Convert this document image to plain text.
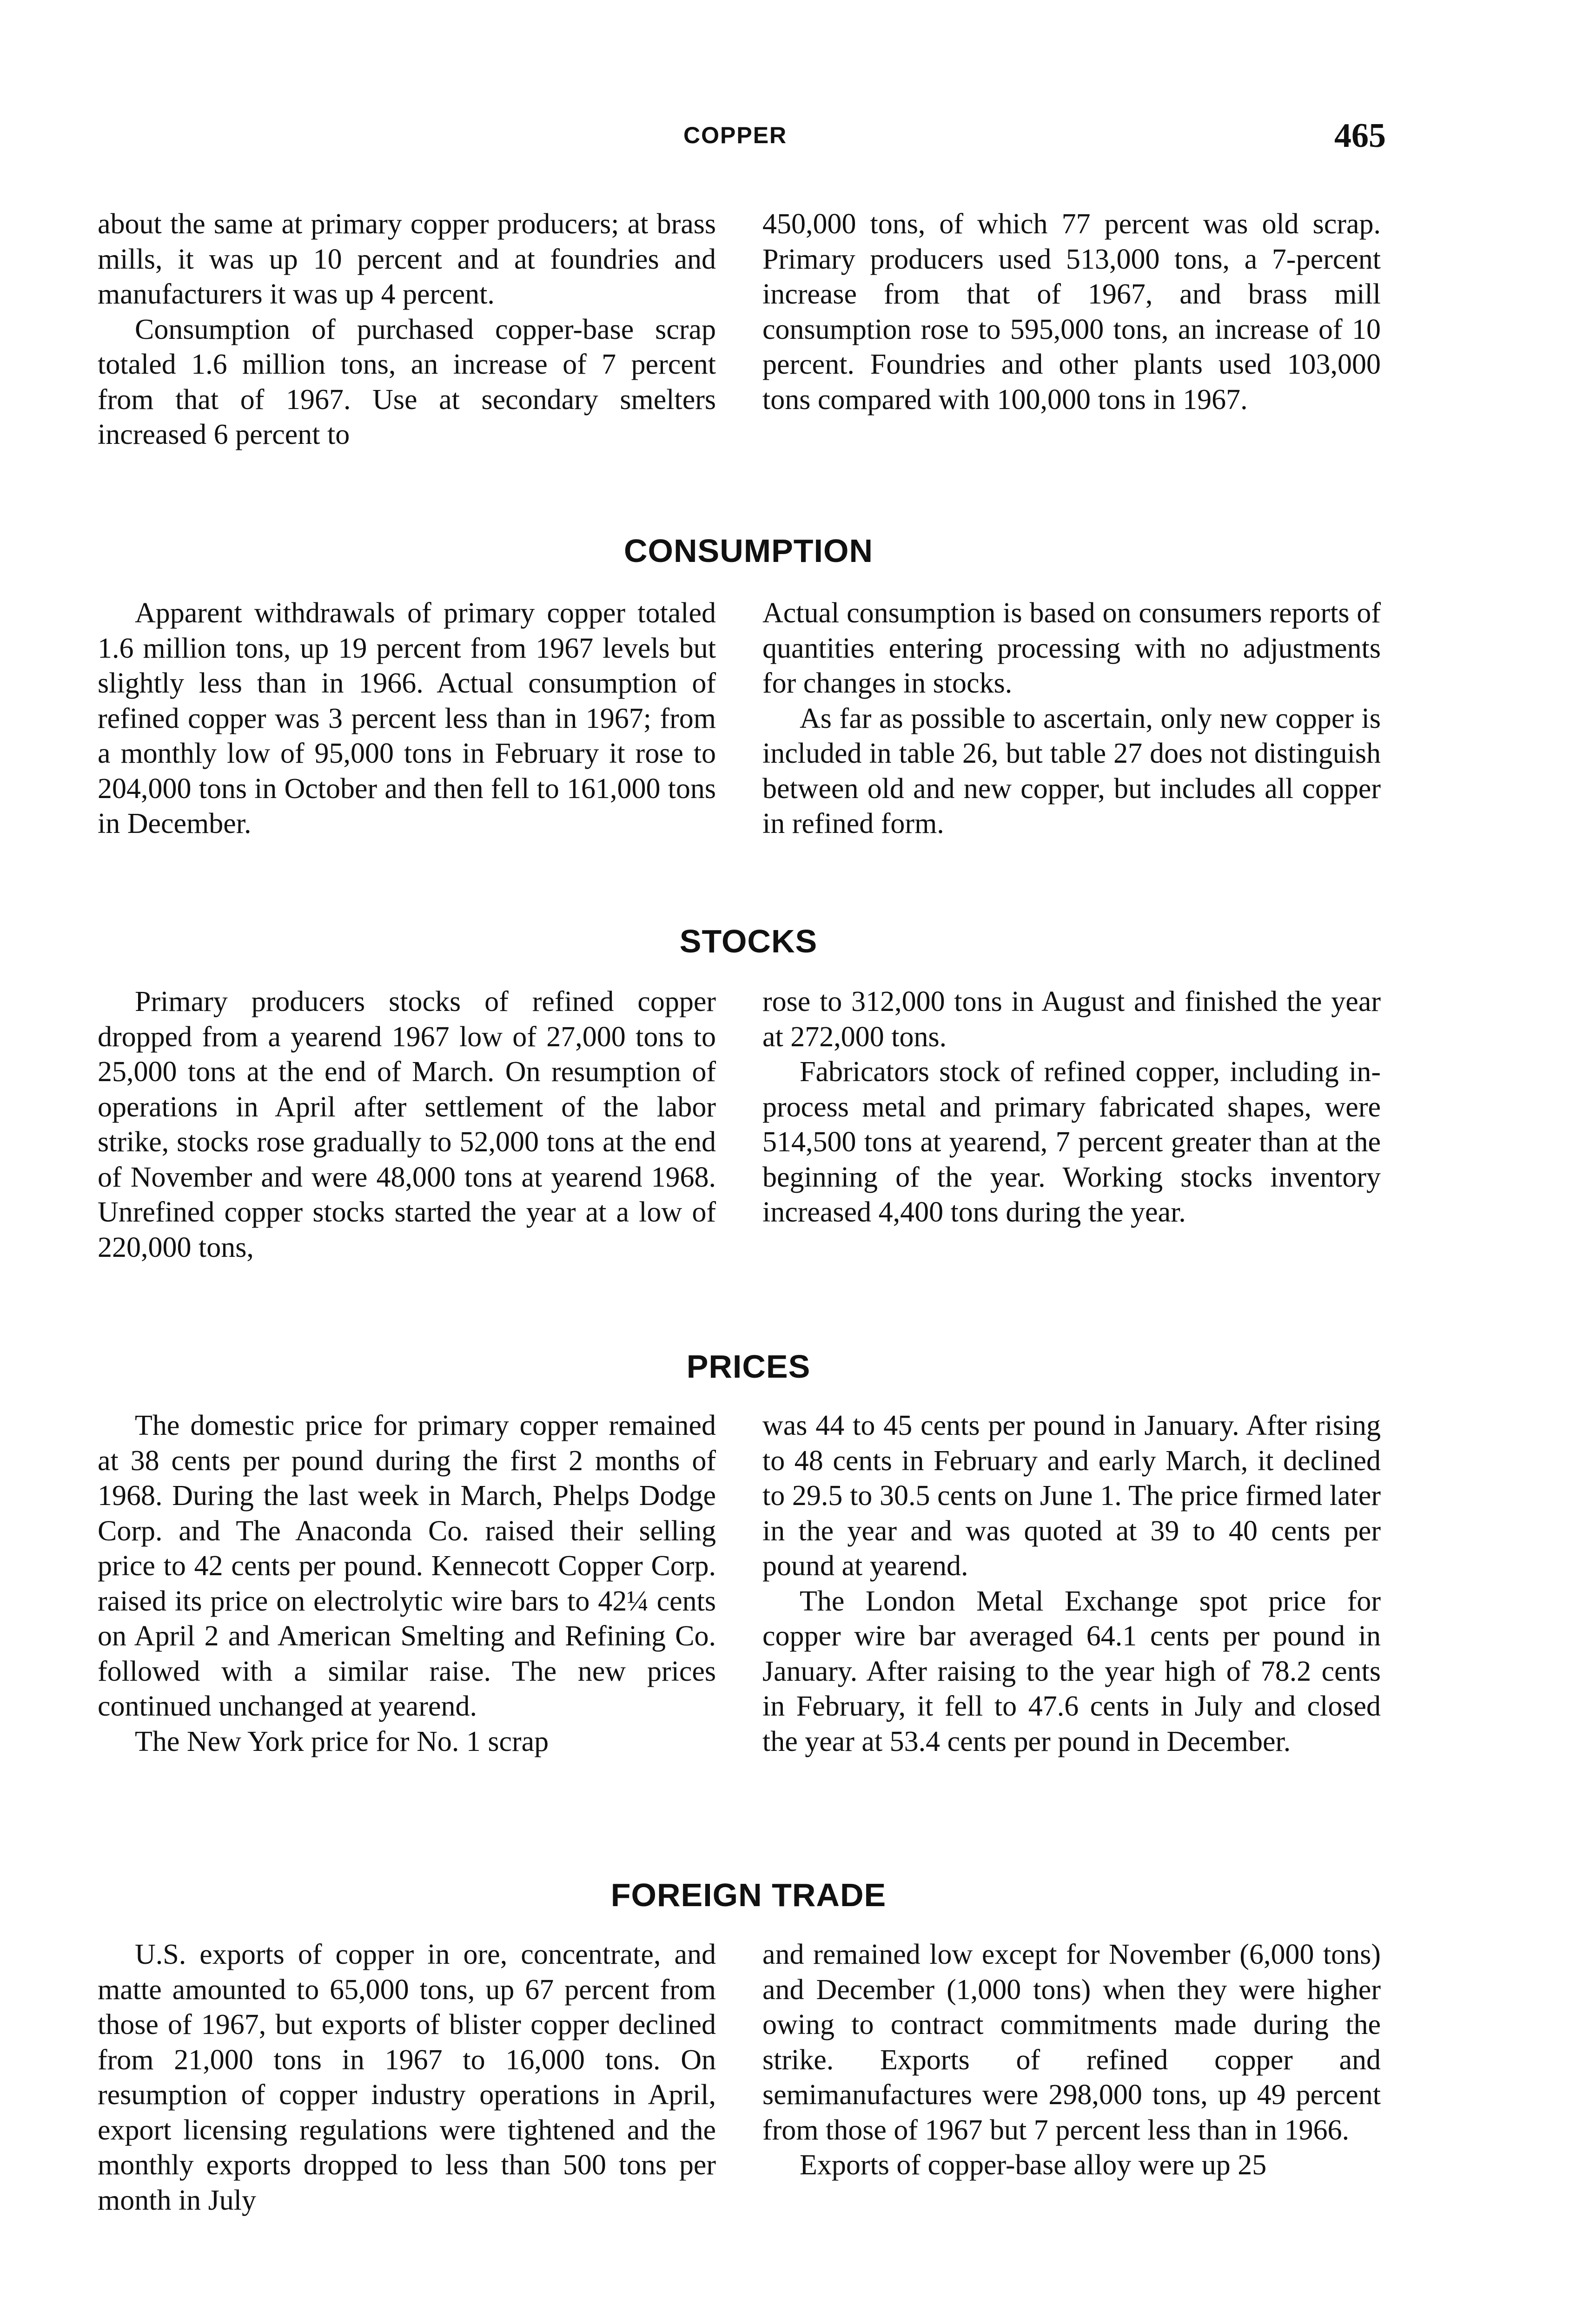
COPPER	465

about the same at primary copper producers; at brass mills, it was up 10 percent and at foundries and manufacturers it was up 4 percent.

Consumption of purchased copper-base scrap totaled 1.6 million tons, an increase of 7 percent from that of 1967. Use at secondary smelters increased 6 percent to

450,000 tons, of which 77 percent was old scrap. Primary producers used 513,000 tons, a 7-percent increase from that of 1967, and brass mill consumption rose to 595,000 tons, an increase of 10 percent. Foundries and other plants used 103,000 tons compared with 100,000 tons in 1967.

CONSUMPTION

Apparent withdrawals of primary copper totaled 1.6 million tons, up 19 percent from 1967 levels but slightly less than in 1966. Actual consumption of refined copper was 3 percent less than in 1967; from a monthly low of 95,000 tons in February it rose to 204,000 tons in October and then fell to 161,000 tons in December.

Actual consumption is based on consumers reports of quantities entering processing with no adjustments for changes in stocks.

As far as possible to ascertain, only new copper is included in table 26, but table 27 does not distinguish between old and new copper, but includes all copper in refined form.

STOCKS

Primary producers stocks of refined copper dropped from a yearend 1967 low of 27,000 tons to 25,000 tons at the end of March. On resumption of operations in April after settlement of the labor strike, stocks rose gradually to 52,000 tons at the end of November and were 48,000 tons at yearend 1968. Unrefined copper stocks started the year at a low of 220,000 tons,

rose to 312,000 tons in August and finished the year at 272,000 tons.

Fabricators stock of refined copper, including in-process metal and primary fabricated shapes, were 514,500 tons at yearend, 7 percent greater than at the beginning of the year. Working stocks inventory increased 4,400 tons during the year.

PRICES

The domestic price for primary copper remained at 38 cents per pound during the first 2 months of 1968. During the last week in March, Phelps Dodge Corp. and The Anaconda Co. raised their selling price to 42 cents per pound. Kennecott Copper Corp. raised its price on electrolytic wire bars to 42¼ cents on April 2 and American Smelting and Refining Co. followed with a similar raise. The new prices continued unchanged at yearend.

The New York price for No. 1 scrap

was 44 to 45 cents per pound in January. After rising to 48 cents in February and early March, it declined to 29.5 to 30.5 cents on June 1. The price firmed later in the year and was quoted at 39 to 40 cents per pound at yearend.

The London Metal Exchange spot price for copper wire bar averaged 64.1 cents per pound in January. After raising to the year high of 78.2 cents in February, it fell to 47.6 cents in July and closed the year at 53.4 cents per pound in December.

FOREIGN TRADE

U.S. exports of copper in ore, concentrate, and matte amounted to 65,000 tons, up 67 percent from those of 1967, but exports of blister copper declined from 21,000 tons in 1967 to 16,000 tons. On resumption of copper industry operations in April, export licensing regulations were tightened and the monthly exports dropped to less than 500 tons per month in July

and remained low except for November (6,000 tons) and December (1,000 tons) when they were higher owing to contract commitments made during the strike. Exports of refined copper and semimanufactures were 298,000 tons, up 49 percent from those of 1967 but 7 percent less than in 1966.

Exports of copper-base alloy were up 25
